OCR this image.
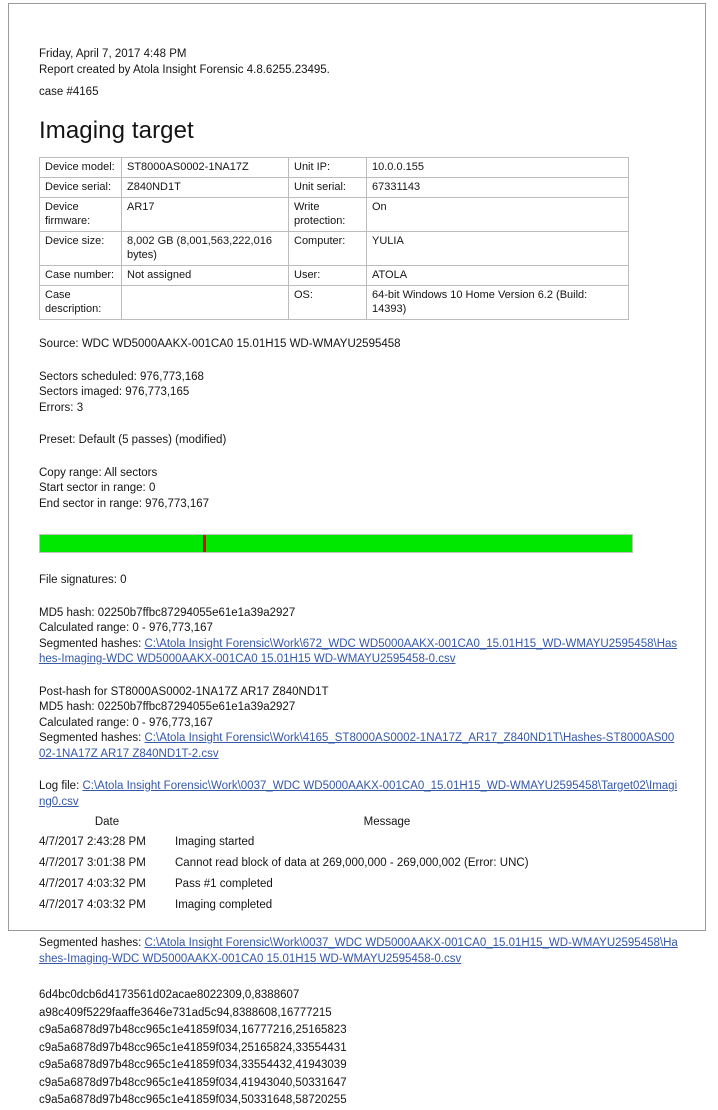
Friday, April 7, 2017 4:48 PM
Report created by Atola Insight Forensic 4.8.6255.23495.
case #4165
Imaging target
Device model:	ST8000AS0002-1NA17Z	Unit IP:	10.0.0.155
Device serial:	Z840ND1T	Unit serial:	67331143
Device firmware:	AR17	Write protection:	On
Device size:	8,002 GB (8,001,563,222,016 bytes)	Computer:	YULIA
Case number:	Not assigned	User:	ATOLA
Case description:		OS:	64-bit Windows 10 Home Version 6.2 (Build: 14393)
Source: WDC WD5000AAKX-001CA0 15.01H15 WD-WMAYU2595458
Sectors scheduled: 976,773,168
Sectors imaged: 976,773,165
Errors: 3
Preset: Default (5 passes) (modified)
Copy range: All sectors
Start sector in range: 0
End sector in range: 976,773,167
File signatures: 0
MD5 hash: 02250b7ffbc87294055e61e1a39a2927
Calculated range: 0 - 976,773,167
Segmented hashes: C:\Atola Insight Forensic\Work\672_WDC WD5000AAKX-001CA0_15.01H15_WD-WMAYU2595458\Hashes-Imaging-WDC WD5000AAKX-001CA0 15.01H15 WD-WMAYU2595458-0.csv
Post-hash for ST8000AS0002-1NA17Z AR17 Z840ND1T
MD5 hash: 02250b7ffbc87294055e61e1a39a2927
Calculated range: 0 - 976,773,167
Segmented hashes: C:\Atola Insight Forensic\Work\4165_ST8000AS0002-1NA17Z_AR17_Z840ND1T\Hashes-ST8000AS0002-1NA17Z AR17 Z840ND1T-2.csv
Log file: C:\Atola Insight Forensic\Work\0037_WDC WD5000AAKX-001CA0_15.01H15_WD-WMAYU2595458\Target02\Imaging0.csv
Date	Message
4/7/2017 2:43:28 PM	Imaging started
4/7/2017 3:01:38 PM	Cannot read block of data at 269,000,000 - 269,000,002 (Error: UNC)
4/7/2017 4:03:32 PM	Pass #1 completed
4/7/2017 4:03:32 PM	Imaging completed
Segmented hashes: C:\Atola Insight Forensic\Work\0037_WDC WD5000AAKX-001CA0_15.01H15_WD-WMAYU2595458\Hashes-Imaging-WDC WD5000AAKX-001CA0 15.01H15 WD-WMAYU2595458-0.csv
6d4bc0dcb6d4173561d02acae8022309,0,8388607
a98c409f5229faaffe3646e731ad5c94,8388608,16777215
c9a5a6878d97b48cc965c1e41859f034,16777216,25165823
c9a5a6878d97b48cc965c1e41859f034,25165824,33554431
c9a5a6878d97b48cc965c1e41859f034,33554432,41943039
c9a5a6878d97b48cc965c1e41859f034,41943040,50331647
c9a5a6878d97b48cc965c1e41859f034,50331648,58720255
